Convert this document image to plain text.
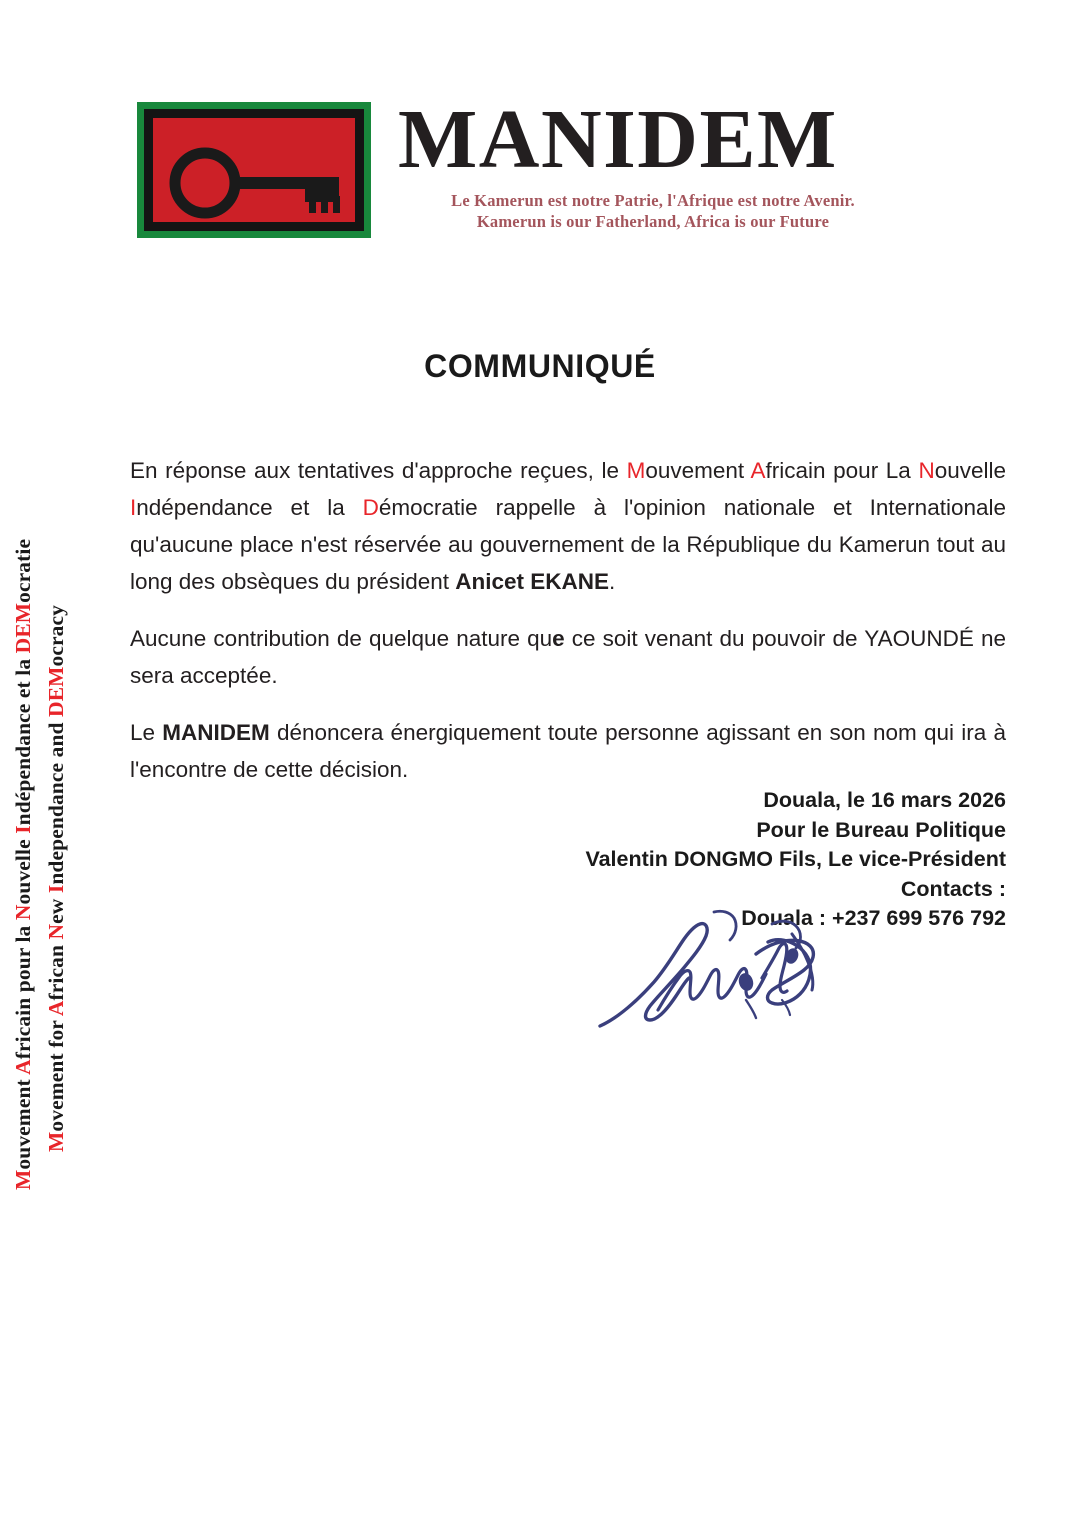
Mouvement Africain pour la Nouvelle Indépendance et la DEMocratie
Movement for African New Independance and DEMocracy
MANIDEM
Le Kamerun est notre Patrie, l'Afrique est notre Avenir.
Kamerun is our Fatherland, Africa is our Future
COMMUNIQUÉ

En réponse aux tentatives d'approche reçues, le Mouvement Africain pour La Nouvelle Indépendance et la Démocratie rappelle à l'opinion nationale et Internationale qu'aucune place n'est réservée au gouvernement de la République du Kamerun tout au long des obsèques du président Anicet EKANE.

Aucune contribution de quelque nature que ce soit venant du pouvoir de YAOUNDÉ ne sera acceptée.

Le MANIDEM dénoncera énergiquement toute personne agissant en son nom qui ira à l'encontre de cette décision.

Douala, le 16 mars 2026
Pour le Bureau Politique
Valentin DONGMO Fils, Le vice-Président
Contacts :
Douala : +237 699 576 792
